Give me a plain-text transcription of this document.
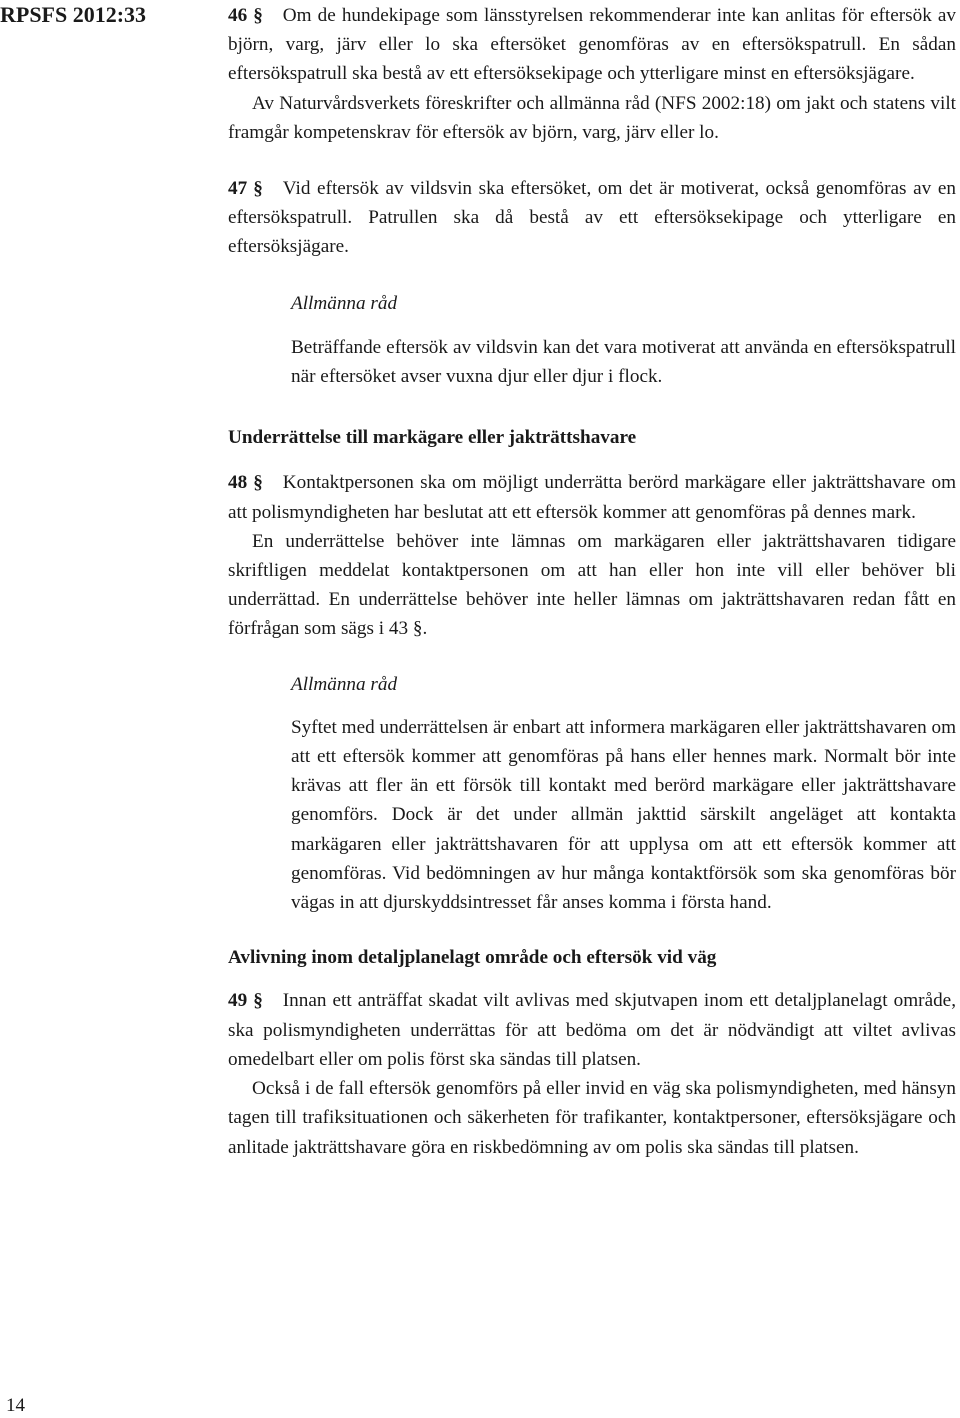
RPSFS 2012:33	46 § Om de hundekipage som länsstyrelsen rekommenderar inte kan anlitas för eftersök av björn, varg, järv eller lo ska eftersöket genomföras av en eftersökspatrull. En sådan eftersökspatrull ska bestå av ett eftersöksekipage och ytterligare minst en eftersöksjägare.

Av Naturvårdsverkets föreskrifter och allmänna råd (NFS 2002:18) om jakt och statens vilt framgår kompetenskrav för eftersök av björn, varg, järv eller lo.

47 § Vid eftersök av vildsvin ska eftersöket, om det är motiverat, också genomföras av en eftersökspatrull. Patrullen ska då bestå av ett eftersöksekipage och ytterligare en eftersöksjägare.

Allmänna råd

Beträffande eftersök av vildsvin kan det vara motiverat att använda en eftersökspatrull när eftersöket avser vuxna djur eller djur i flock.

Underrättelse till markägare eller jakträttshavare

48 § Kontaktpersonen ska om möjligt underrätta berörd markägare eller jakträttshavare om att polismyndigheten har beslutat att ett eftersök kommer att genomföras på dennes mark.

En underrättelse behöver inte lämnas om markägaren eller jakträttshavaren tidigare skriftligen meddelat kontaktpersonen om att han eller hon inte vill eller behöver bli underrättad. En underrättelse behöver inte heller lämnas om jakträttshavaren redan fått en förfrågan som sägs i 43 §.

Allmänna råd

Syftet med underrättelsen är enbart att informera markägaren eller jakträttshavaren om att ett eftersök kommer att genomföras på hans eller hennes mark. Normalt bör inte krävas att fler än ett försök till kontakt med berörd markägare eller jakträttshavare genomförs. Dock är det under allmän jakttid särskilt angeläget att kontakta markägaren eller jakträttshavaren för att upplysa om att ett eftersök kommer att genomföras. Vid bedömningen av hur många kontaktförsök som ska genomföras bör vägas in att djurskyddsintresset får anses komma i första hand.

Avlivning inom detaljplanelagt område och eftersök vid väg

49 § Innan ett anträffat skadat vilt avlivas med skjutvapen inom ett detaljplanelagt område, ska polismyndigheten underrättas för att bedöma om det är nödvändigt att viltet avlivas omedelbart eller om polis först ska sändas till platsen.

Också i de fall eftersök genomförs på eller invid en väg ska polismyndigheten, med hänsyn tagen till trafiksituationen och säkerheten för trafikanter, kontaktpersoner, eftersöksjägare och anlitade jakträttshavare göra en riskbedömning av om polis ska sändas till platsen.

14
